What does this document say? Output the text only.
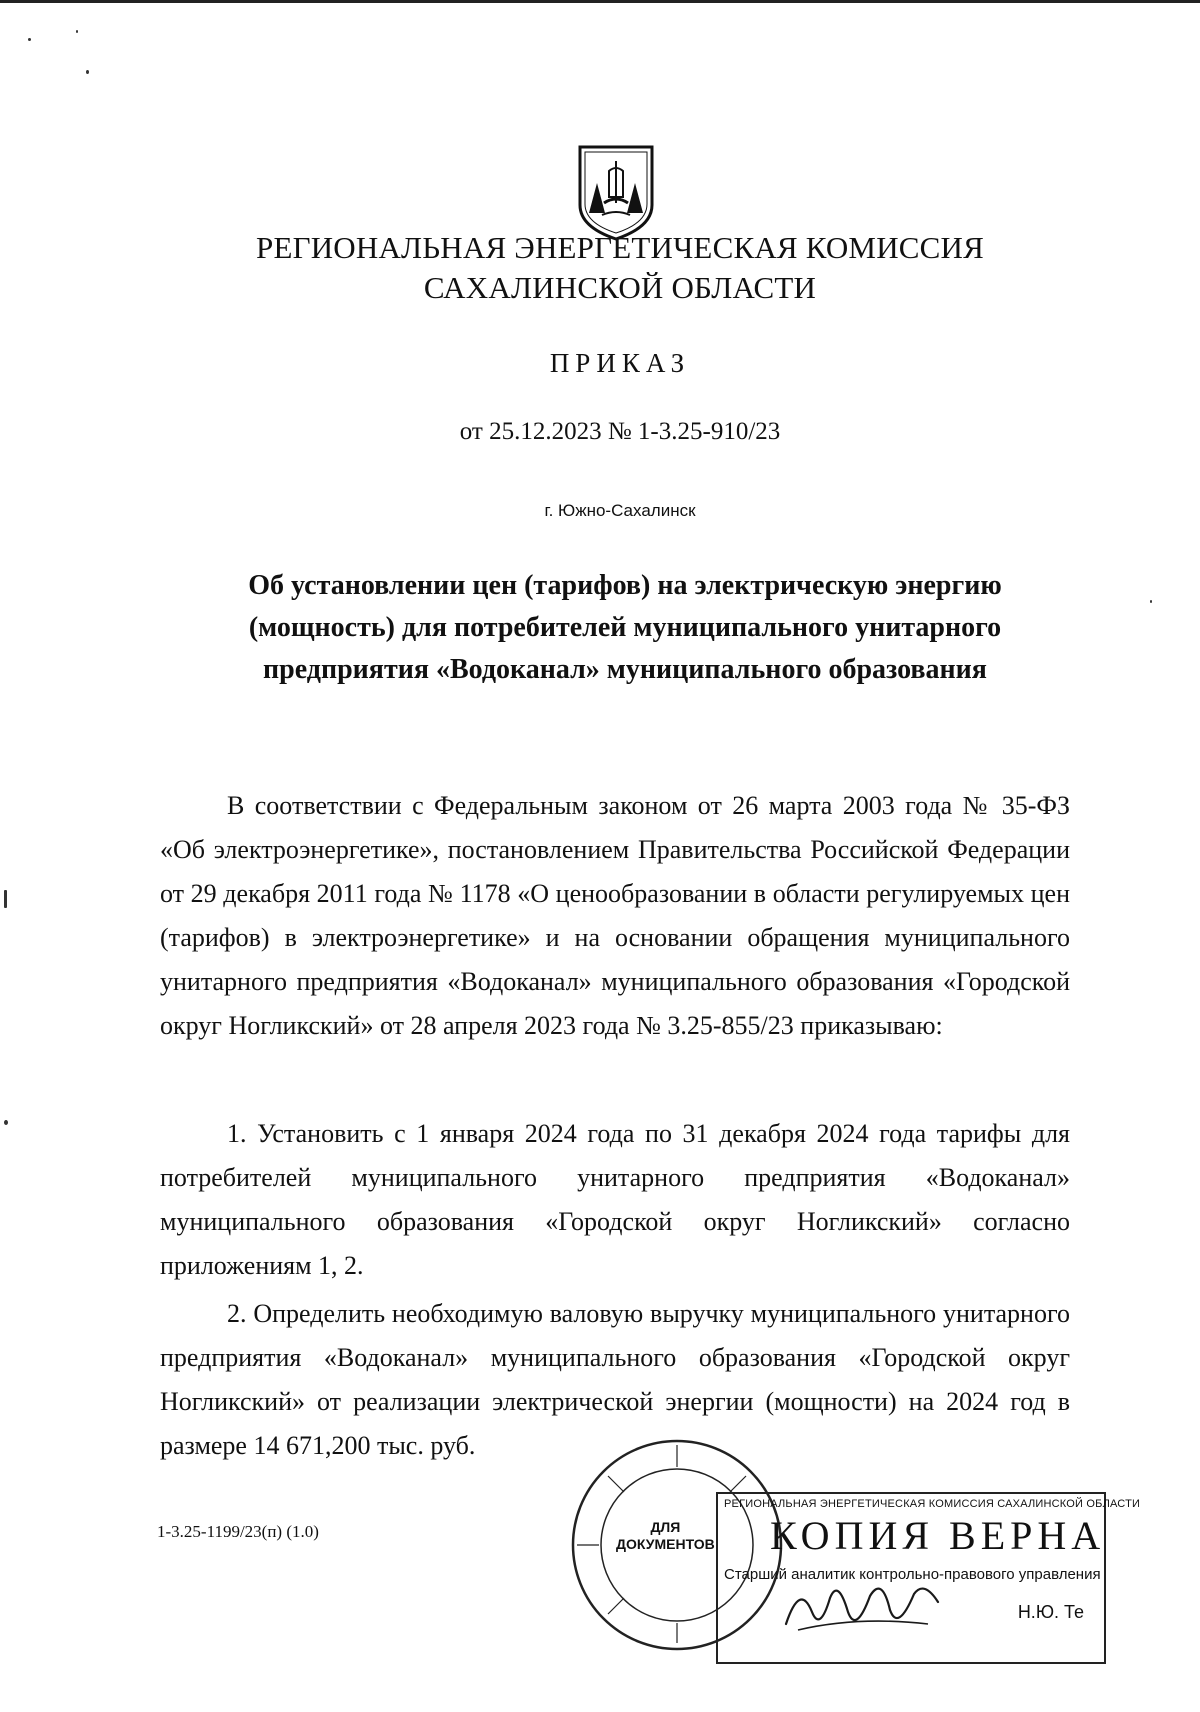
РЕГИОНАЛЬНАЯ ЭНЕРГЕТИЧЕСКАЯ КОМИССИЯ
САХАЛИНСКОЙ ОБЛАСТИ
ПРИКАЗ
от 25.12.2023 № 1-3.25-910/23
г. Южно-Сахалинск
Об установлении цен (тарифов) на электрическую энергию
(мощность) для потребителей муниципального унитарного
предприятия «Водоканал» муниципального образования
В соответствии с Федеральным законом от 26 марта 2003 года № 35-ФЗ «Об электроэнергетике», постановлением Правительства Российской Федерации от 29 декабря 2011 года № 1178 «О ценообразовании в области регулируемых цен (тарифов) в электроэнергетике» и на основании обращения муниципального унитарного предприятия «Водоканал» муниципального образования «Городской округ Ногликский» от 28 апреля 2023 года № 3.25-855/23 приказываю:
1. Установить с 1 января 2024 года по 31 декабря 2024 года тарифы для потребителей муниципального унитарного предприятия «Водоканал» муниципального образования «Городской округ Ногликский» согласно приложениям 1, 2.
2. Определить необходимую валовую выручку муниципального унитарного предприятия «Водоканал» муниципального образования «Городской округ Ногликский» от реализации электрической энергии (мощности) на 2024 год в размере 14 671,200 тыс. руб.
1-3.25-1199/23(п) (1.0)	ДЛЯ
ДОКУМЕНТОВ
РЕГИОНАЛЬНАЯ ЭНЕРГЕТИЧЕСКАЯ КОМИССИЯ САХАЛИНСКОЙ ОБЛАСТИ
КОПИЯ ВЕРНА
Старший аналитик контрольно-правового управления
Н.Ю. Те
